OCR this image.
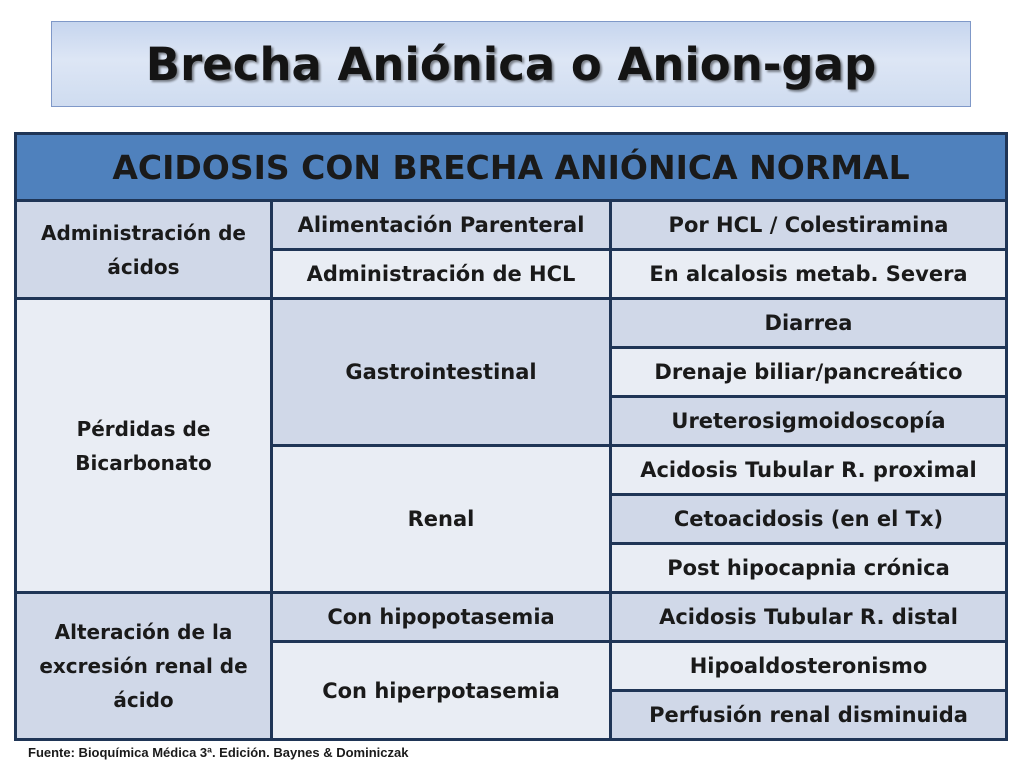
Brecha Aniónica o Anion-gap
ACIDOSIS CON BRECHA ANIÓNICA NORMAL		
Administración de ácidos	Alimentación Parenteral	Por HCL / Colestiramina
	Administración de HCL	En alcalosis metab. Severa
Pérdidas de Bicarbonato	Gastrointestinal	Diarrea
		Drenaje biliar/pancreático
		Ureterosigmoidoscopía
	Renal	Acidosis Tubular R. proximal
		Cetoacidosis (en el Tx)
		Post hipocapnia crónica
Alteración de la excresión renal de ácido	Con hipopotasemia	Acidosis Tubular R. distal
	Con hiperpotasemia	Hipoaldosteronismo
		Perfusión renal disminuida
Fuente: Bioquímica Médica 3ª. Edición. Baynes & Dominiczak
